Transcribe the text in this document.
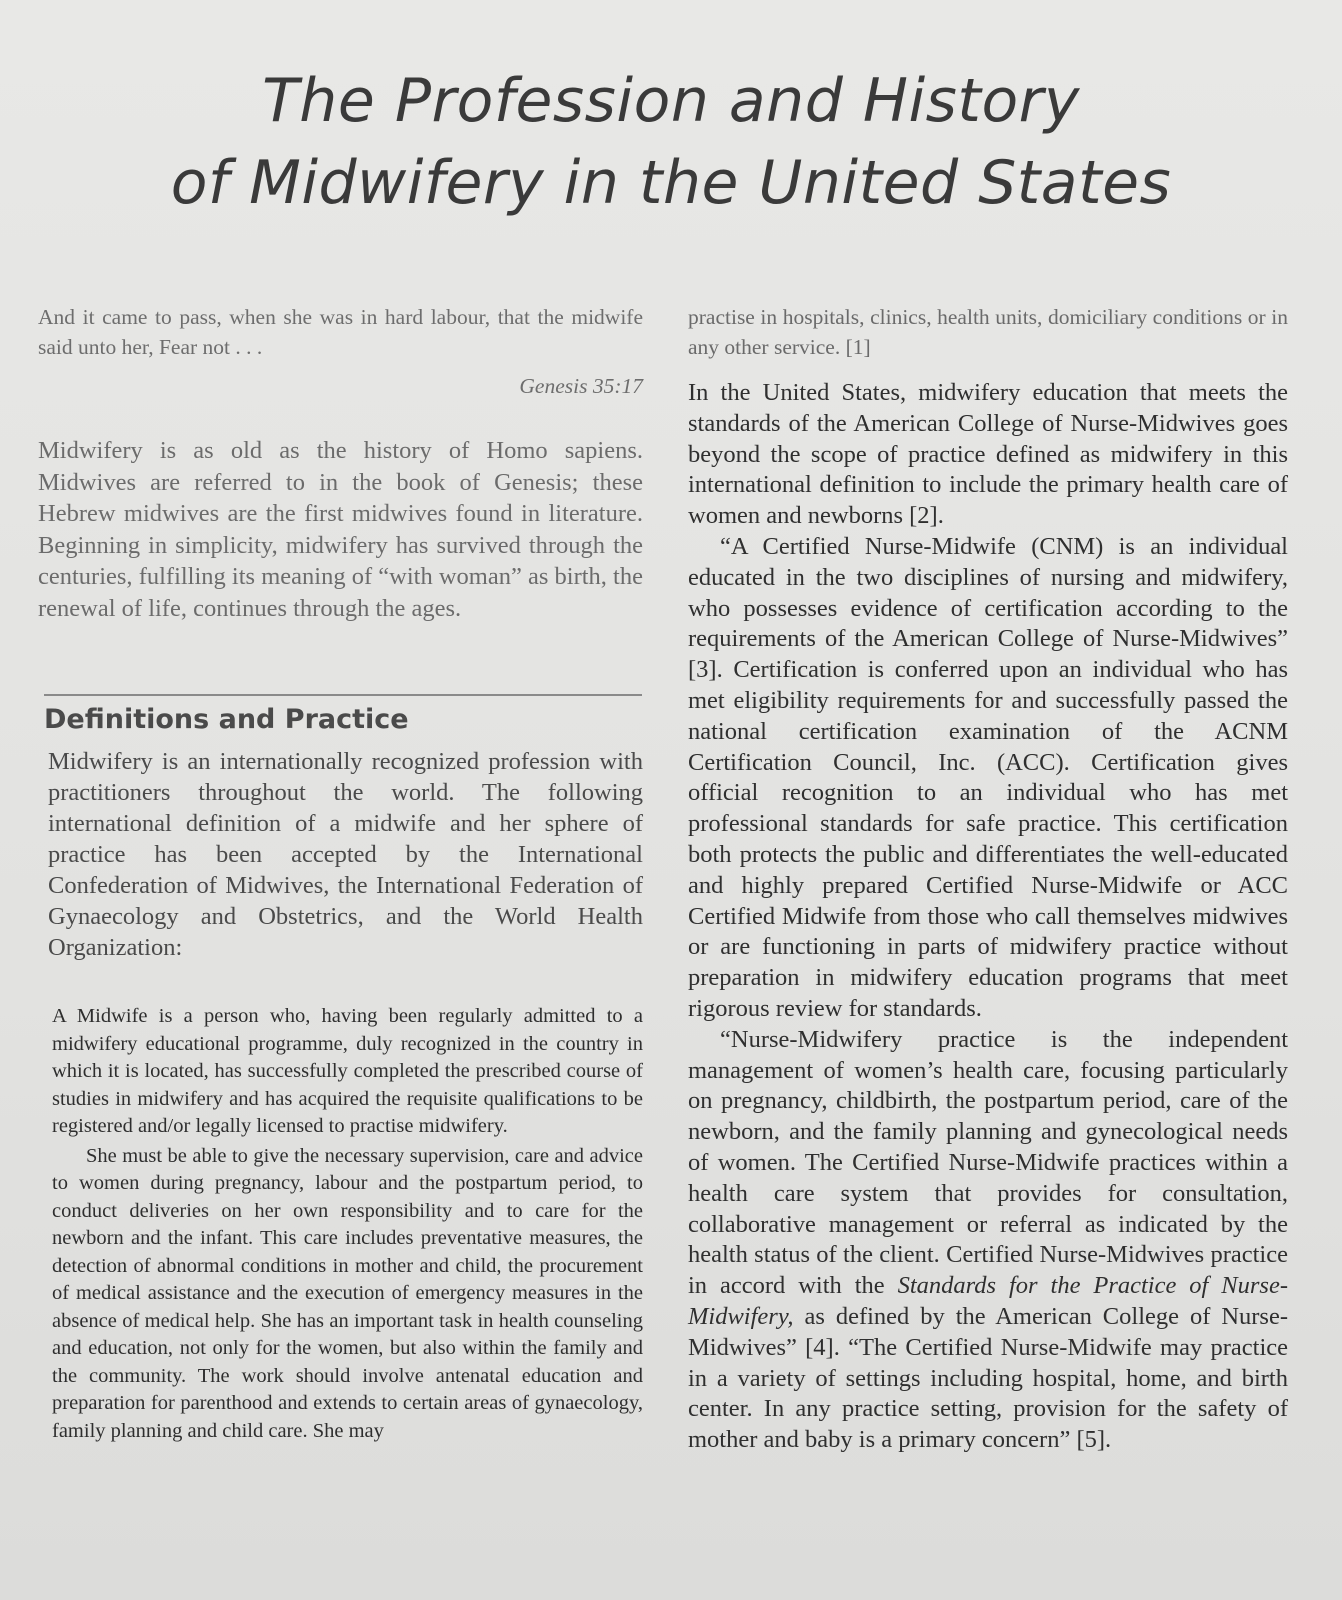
The Profession and History
of Midwifery in the United States

And it came to pass, when she was in hard labour, that the midwife said unto her, Fear not . . .

Genesis 35:17

Midwifery is as old as the history of Homo sapiens. Midwives are referred to in the book of Genesis; these Hebrew midwives are the first midwives found in literature. Beginning in simplicity, midwifery has survived through the centuries, fulfilling its meaning of “with woman” as birth, the renewal of life, continues through the ages.
Definitions and Practice
Midwifery is an internationally recognized profession with practitioners throughout the world. The following international definition of a midwife and her sphere of practice has been accepted by the International Confederation of Midwives, the International Federation of Gynaecology and Obstetrics, and the World Health Organization:

A Midwife is a person who, having been regularly admitted to a midwifery educational programme, duly recognized in the country in which it is located, has successfully completed the prescribed course of studies in midwifery and has acquired the requisite qualifications to be registered and/or legally licensed to practise midwifery.

She must be able to give the necessary supervision, care and advice to women during pregnancy, labour and the postpartum period, to conduct deliveries on her own responsibility and to care for the newborn and the infant. This care includes preventative measures, the detection of abnormal conditions in mother and child, the procurement of medical assistance and the execution of emergency measures in the absence of medical help. She has an important task in health counseling and education, not only for the women, but also within the family and the community. The work should involve antenatal education and preparation for parenthood and extends to certain areas of gynaecology, family planning and child care. She may

practise in hospitals, clinics, health units, domiciliary conditions or in any other service. [1]

In the United States, midwifery education that meets the standards of the American College of Nurse-Midwives goes beyond the scope of practice defined as midwifery in this international definition to include the primary health care of women and newborns [2].

“A Certified Nurse-Midwife (CNM) is an individual educated in the two disciplines of nursing and midwifery, who possesses evidence of certification according to the requirements of the American College of Nurse-Midwives” [3]. Certification is conferred upon an individual who has met eligibility requirements for and successfully passed the national certification examination of the ACNM Certification Council, Inc. (ACC). Certification gives official recognition to an individual who has met professional standards for safe practice. This certification both protects the public and differentiates the well-educated and highly prepared Certified Nurse-Midwife or ACC Certified Midwife from those who call themselves midwives or are functioning in parts of midwifery practice without preparation in midwifery education programs that meet rigorous review for standards.

“Nurse-Midwifery practice is the independent management of women’s health care, focusing particularly on pregnancy, childbirth, the postpartum period, care of the newborn, and the family planning and gynecological needs of women. The Certified Nurse-Midwife practices within a health care system that provides for consultation, collaborative management or referral as indicated by the health status of the client. Certified Nurse-Midwives practice in accord with the Standards for the Practice of Nurse-Midwifery, as defined by the American College of Nurse-Midwives” [4]. “The Certified Nurse-Midwife may practice in a variety of settings including hospital, home, and birth center. In any practice setting, provision for the safety of mother and baby is a primary concern” [5].
